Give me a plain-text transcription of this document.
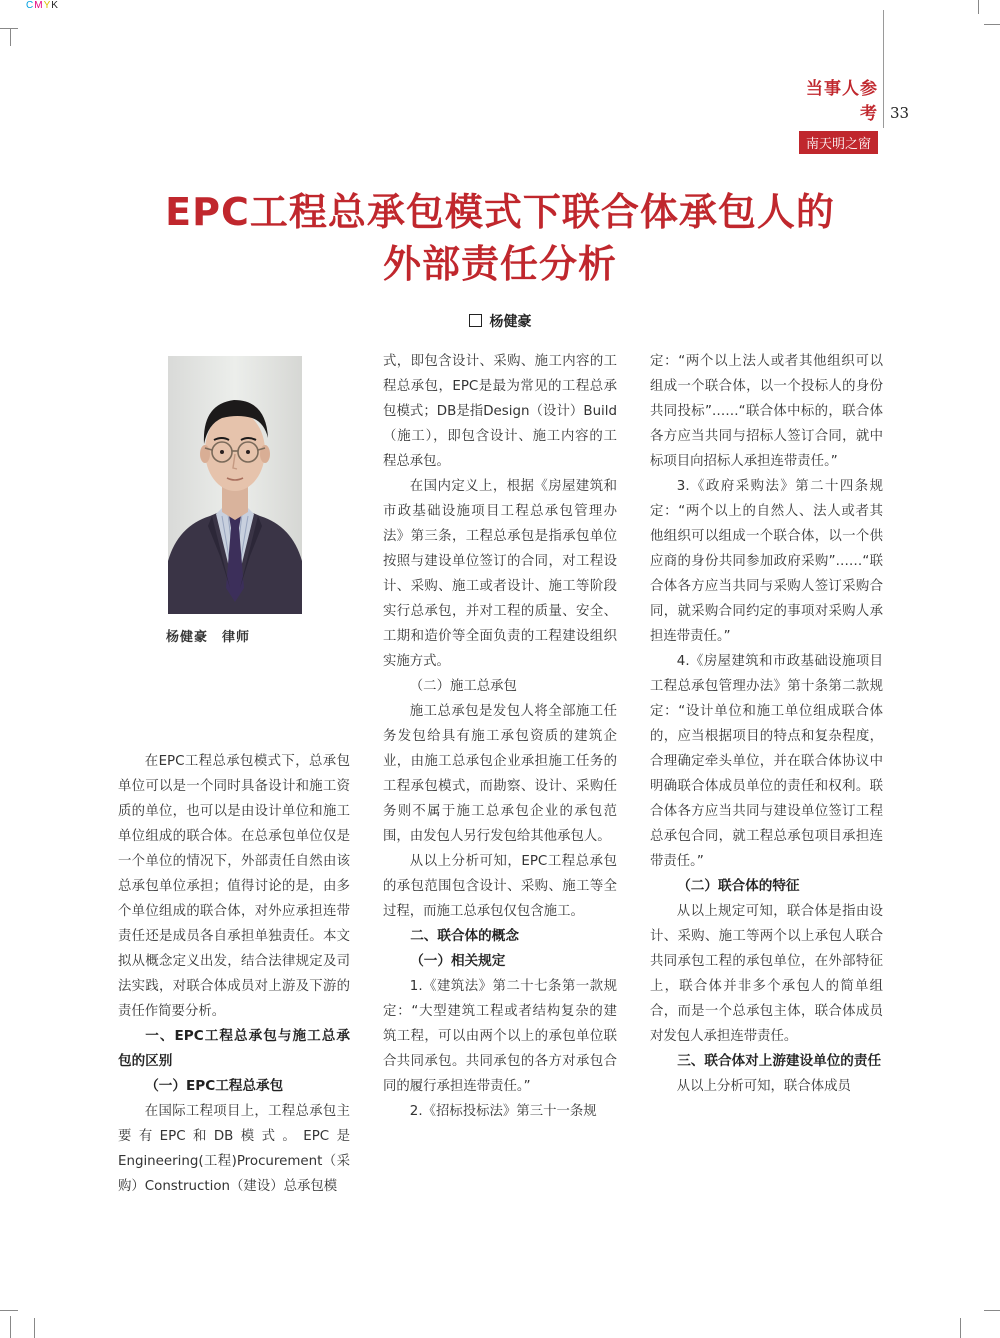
CMYK
当事人参考
南天明之窗
33
EPC工程总承包模式下联合体承包人的
外部责任分析
杨健豪
杨健豪　律师

在EPC工程总承包模式下，总承包单位可以是一个同时具备设计和施工资质的单位，也可以是由设计单位和施工单位组成的联合体。在总承包单位仅是一个单位的情况下，外部责任自然由该总承包单位承担；值得讨论的是，由多个单位组成的联合体，对外应承担连带责任还是成员各自承担单独责任。本文拟从概念定义出发，结合法律规定及司法实践，对联合体成员对上游及下游的责任作简要分析。

一、EPC工程总承包与施工总承包的区别

（一）EPC工程总承包

在国际工程项目上，工程总承包主要有EPC和DB模式。EPC是Engineering(工程)Procurement（采购）Construction（建设）总承包模

式，即包含设计、采购、施工内容的工程总承包，EPC是最为常见的工程总承包模式；DB是指Design（设计）Build（施工），即包含设计、施工内容的工程总承包。

在国内定义上，根据《房屋建筑和市政基础设施项目工程总承包管理办法》第三条，工程总承包是指承包单位按照与建设单位签订的合同，对工程设计、采购、施工或者设计、施工等阶段实行总承包，并对工程的质量、安全、工期和造价等全面负责的工程建设组织实施方式。

（二）施工总承包

施工总承包是发包人将全部施工任务发包给具有施工承包资质的建筑企业，由施工总承包企业承担施工任务的工程承包模式，而勘察、设计、采购任务则不属于施工总承包企业的承包范围，由发包人另行发包给其他承包人。

从以上分析可知，EPC工程总承包的承包范围包含设计、采购、施工等全过程，而施工总承包仅包含施工。

二、联合体的概念

（一）相关规定

1.《建筑法》第二十七条第一款规定：“大型建筑工程或者结构复杂的建筑工程，可以由两个以上的承包单位联合共同承包。共同承包的各方对承包合同的履行承担连带责任。”

2.《招标投标法》第三十一条规

定：“两个以上法人或者其他组织可以组成一个联合体，以一个投标人的身份共同投标”……“联合体中标的，联合体各方应当共同与招标人签订合同，就中标项目向招标人承担连带责任。”

3.《政府采购法》第二十四条规定：“两个以上的自然人、法人或者其他组织可以组成一个联合体，以一个供应商的身份共同参加政府采购”……“联合体各方应当共同与采购人签订采购合同，就采购合同约定的事项对采购人承担连带责任。”

4.《房屋建筑和市政基础设施项目工程总承包管理办法》第十条第二款规定：“设计单位和施工单位组成联合体的，应当根据项目的特点和复杂程度，合理确定牵头单位，并在联合体协议中明确联合体成员单位的责任和权利。联合体各方应当共同与建设单位签订工程总承包合同，就工程总承包项目承担连带责任。”

（二）联合体的特征

从以上规定可知，联合体是指由设计、采购、施工等两个以上承包人联合共同承包工程的承包单位，在外部特征上，联合体并非多个承包人的简单组合，而是一个总承包主体，联合体成员对发包人承担连带责任。

三、联合体对上游建设单位的责任

从以上分析可知，联合体成员
